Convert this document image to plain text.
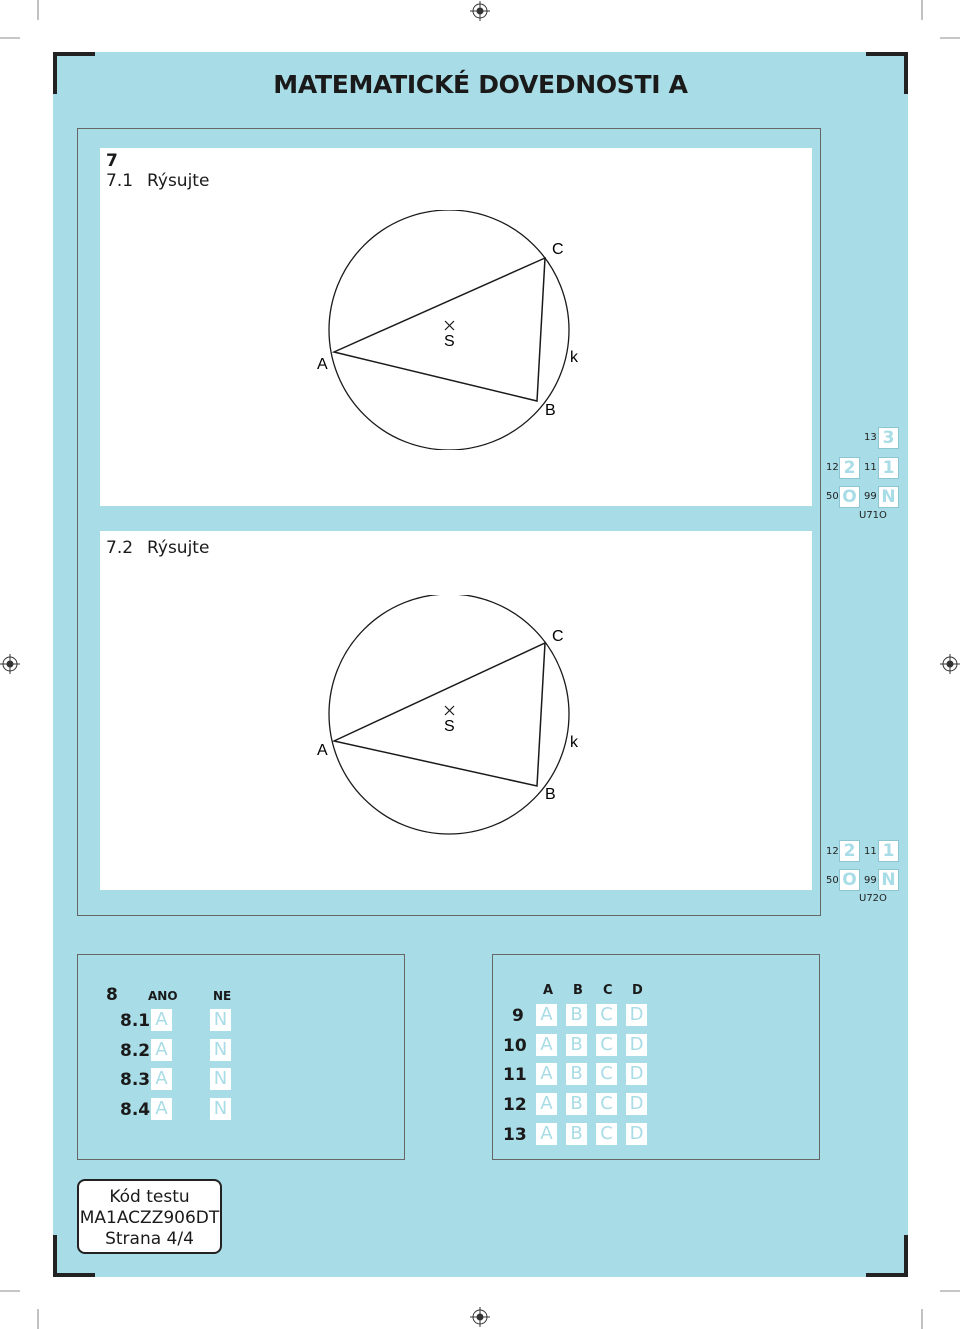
MATEMATICKÉ DOVEDNOSTI A
7
7.1 Rýsujte
7.2 Rýsujte
A
B
C
S
k
A
B
C
S
k
13 3
12 2 11 1
50 O 99 N
U71O
12 2 11 1
50 O 99 N
U72O
8	ANO	NE
8.1 A	N
8.2 A	N
8.3 A	N
8.4 A	N
A B C D
9 A B C D
10 A B C D
11 A B C D
12 A B C D
13 A B C D
Kód testu
MA1ACZZ906DT
Strana 4/4
